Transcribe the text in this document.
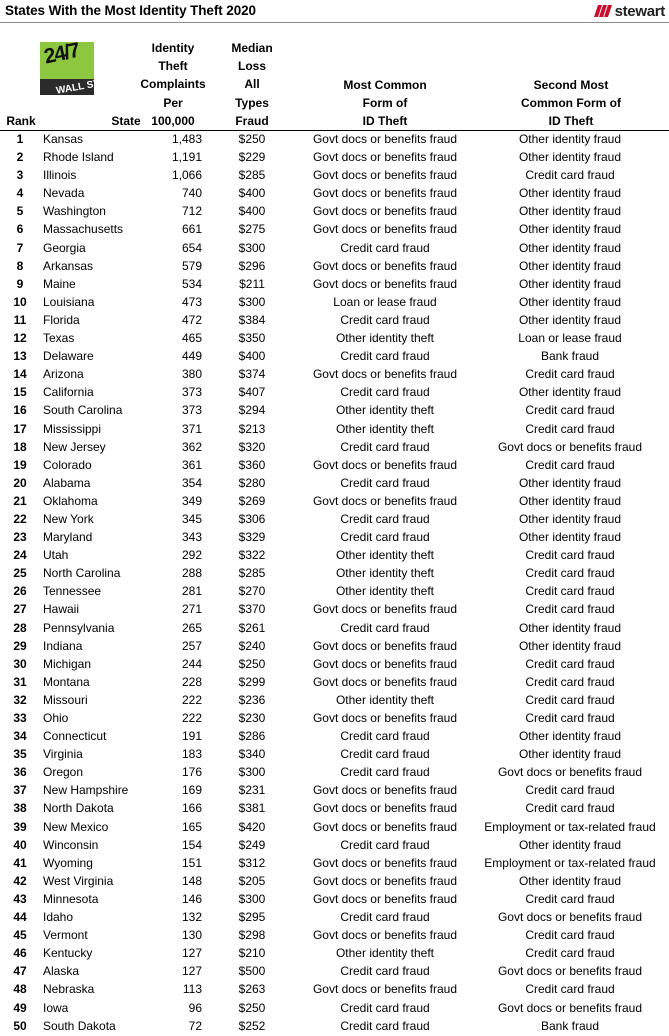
States With the Most Identity Theft 2020	stewart
24/7
WALL ST
Rank	State
Identity
Theft
Complaints
Per
100,000
Median
Loss
All
Types
Fraud
Most Common
Form of
ID Theft
Second Most
Common Form of
ID Theft
1	Kansas	1,483	$250	Govt docs or benefits fraud	Other identity fraud
2	Rhode Island	1,191	$229	Govt docs or benefits fraud	Other identity fraud
3	Illinois	1,066	$285	Govt docs or benefits fraud	Credit card fraud
4	Nevada	740	$400	Govt docs or benefits fraud	Other identity fraud
5	Washington	712	$400	Govt docs or benefits fraud	Other identity fraud
6	Massachusetts	661	$275	Govt docs or benefits fraud	Other identity fraud
7	Georgia	654	$300	Credit card fraud	Other identity fraud
8	Arkansas	579	$296	Govt docs or benefits fraud	Other identity fraud
9	Maine	534	$211	Govt docs or benefits fraud	Other identity fraud
10	Louisiana	473	$300	Loan or lease fraud	Other identity fraud
11	Florida	472	$384	Credit card fraud	Other identity fraud
12	Texas	465	$350	Other identity theft	Loan or lease fraud
13	Delaware	449	$400	Credit card fraud	Bank fraud
14	Arizona	380	$374	Govt docs or benefits fraud	Credit card fraud
15	California	373	$407	Credit card fraud	Other identity fraud
16	South Carolina	373	$294	Other identity theft	Credit card fraud
17	Mississippi	371	$213	Other identity theft	Credit card fraud
18	New Jersey	362	$320	Credit card fraud	Govt docs or benefits fraud
19	Colorado	361	$360	Govt docs or benefits fraud	Credit card fraud
20	Alabama	354	$280	Credit card fraud	Other identity fraud
21	Oklahoma	349	$269	Govt docs or benefits fraud	Other identity fraud
22	New York	345	$306	Credit card fraud	Other identity fraud
23	Maryland	343	$329	Credit card fraud	Other identity fraud
24	Utah	292	$322	Other identity theft	Credit card fraud
25	North Carolina	288	$285	Other identity theft	Credit card fraud
26	Tennessee	281	$270	Other identity theft	Credit card fraud
27	Hawaii	271	$370	Govt docs or benefits fraud	Credit card fraud
28	Pennsylvania	265	$261	Credit card fraud	Other identity fraud
29	Indiana	257	$240	Govt docs or benefits fraud	Other identity fraud
30	Michigan	244	$250	Govt docs or benefits fraud	Credit card fraud
31	Montana	228	$299	Govt docs or benefits fraud	Credit card fraud
32	Missouri	222	$236	Other identity theft	Credit card fraud
33	Ohio	222	$230	Govt docs or benefits fraud	Credit card fraud
34	Connecticut	191	$286	Credit card fraud	Other identity fraud
35	Virginia	183	$340	Credit card fraud	Other identity fraud
36	Oregon	176	$300	Credit card fraud	Govt docs or benefits fraud
37	New Hampshire	169	$231	Govt docs or benefits fraud	Credit card fraud
38	North Dakota	166	$381	Govt docs or benefits fraud	Credit card fraud
39	New Mexico	165	$420	Govt docs or benefits fraud	Employment or tax-related fraud
40	Winconsin	154	$249	Credit card fraud	Other identity fraud
41	Wyoming	151	$312	Govt docs or benefits fraud	Employment or tax-related fraud
42	West Virginia	148	$205	Govt docs or benefits fraud	Other identity fraud
43	Minnesota	146	$300	Govt docs or benefits fraud	Credit card fraud
44	Idaho	132	$295	Credit card fraud	Govt docs or benefits fraud
45	Vermont	130	$298	Govt docs or benefits fraud	Credit card fraud
46	Kentucky	127	$210	Other identity theft	Credit card fraud
47	Alaska	127	$500	Credit card fraud	Govt docs or benefits fraud
48	Nebraska	113	$263	Govt docs or benefits fraud	Credit card fraud
49	Iowa	96	$250	Credit card fraud	Govt docs or benefits fraud
50	South Dakota	72	$252	Credit card fraud	Bank fraud
